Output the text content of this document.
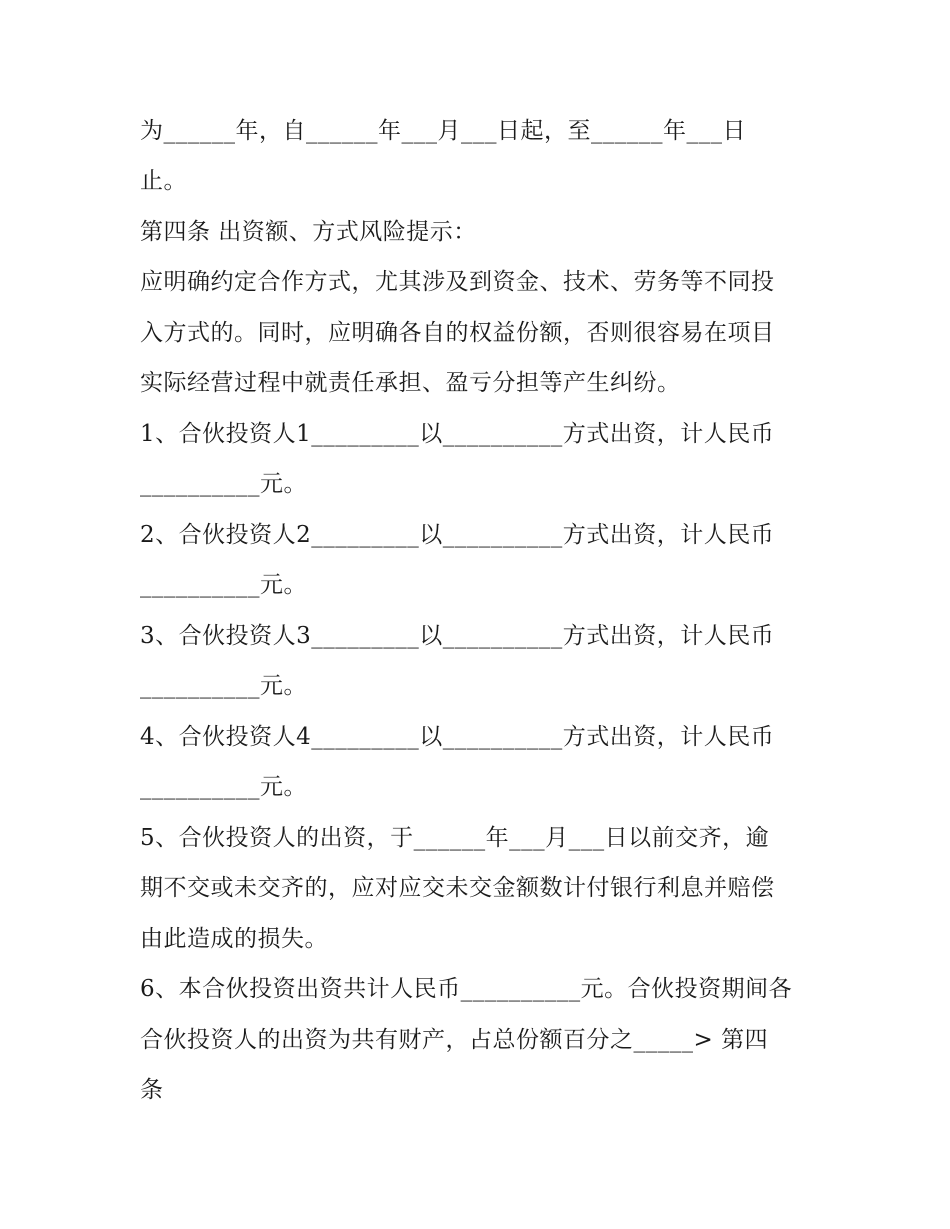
为______年，自______年___月___日起，至______年___日

止。

第四条 出资额、方式风险提示：

应明确约定合作方式，尤其涉及到资金、技术、劳务等不同投

入方式的。同时，应明确各自的权益份额，否则很容易在项目

实际经营过程中就责任承担、盈亏分担等产生纠纷。

1、合伙投资人1_________以__________方式出资，计人民币

__________元。

2、合伙投资人2_________以__________方式出资，计人民币

__________元。

3、合伙投资人3_________以__________方式出资，计人民币

__________元。

4、合伙投资人4_________以__________方式出资，计人民币

__________元。

5、合伙投资人的出资，于______年___月___日以前交齐，逾

期不交或未交齐的，应对应交未交金额数计付银行利息并赔偿

由此造成的损失。

6、本合伙投资出资共计人民币__________元。合伙投资期间各

合伙投资人的出资为共有财产，占总份额百分之_____> 第四

条
